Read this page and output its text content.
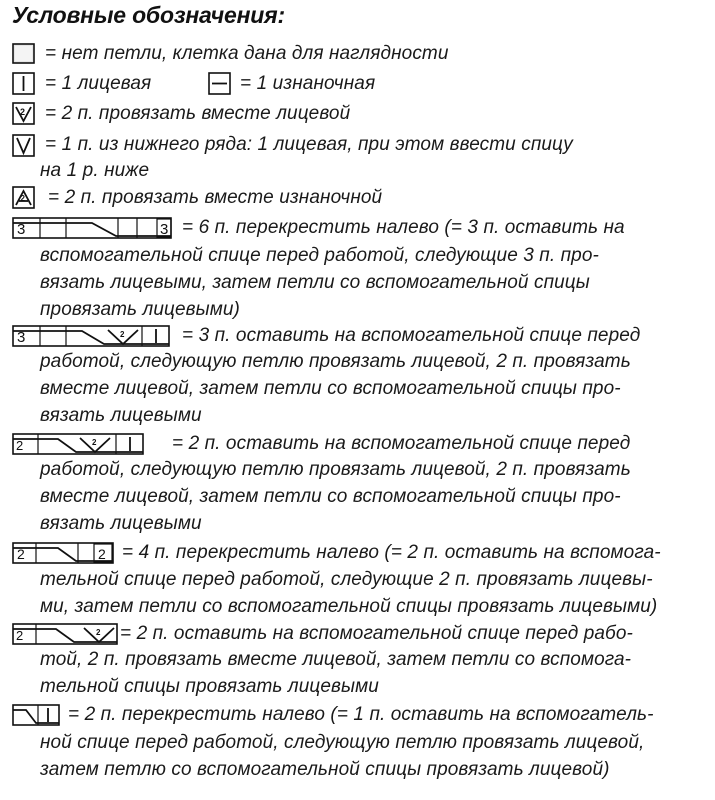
Условные обозначения:
= нет петли, клетка дана для наглядности
= 1 лицевая	= 1 изнаночная
2 = 2 п. провязать вместе лицевой
= 1 п. из нижнего ряда: 1 лицевая, при этом ввести спицу
на 1 р. ниже
2 = 2 п. провязать вместе изнаночной
3	3 = 6 п. перекрестить налево (= 3 п. оставить на
вспомогательной спице перед работой, следующие 3 п. про-
вязать лицевыми, затем петли со вспомогательной спицы
провязать лицевыми)
3	2	= 3 п. оставить на вспомогательной спице перед
работой, следующую петлю провязать лицевой, 2 п. провязать
вместе лицевой, затем петли со вспомогательной спицы про-
вязать лицевыми
2	2	= 2 п. оставить на вспомогательной спице перед
работой, следующую петлю провязать лицевой, 2 п. провязать
вместе лицевой, затем петли со вспомогательной спицы про-
вязать лицевыми
2	2 = 4 п. перекрестить налево (= 2 п. оставить на вспомога-
тельной спице перед работой, следующие 2 п. провязать лицевы-
ми, затем петли со вспомогательной спицы провязать лицевыми)
2	2 = 2 п. оставить на вспомогательной спице перед рабо-
той, 2 п. провязать вместе лицевой, затем петли со вспомога-
тельной спицы провязать лицевыми
= 2 п. перекрестить налево (= 1 п. оставить на вспомогатель-
ной спице перед работой, следующую петлю провязать лицевой,
затем петлю со вспомогательной спицы провязать лицевой)
